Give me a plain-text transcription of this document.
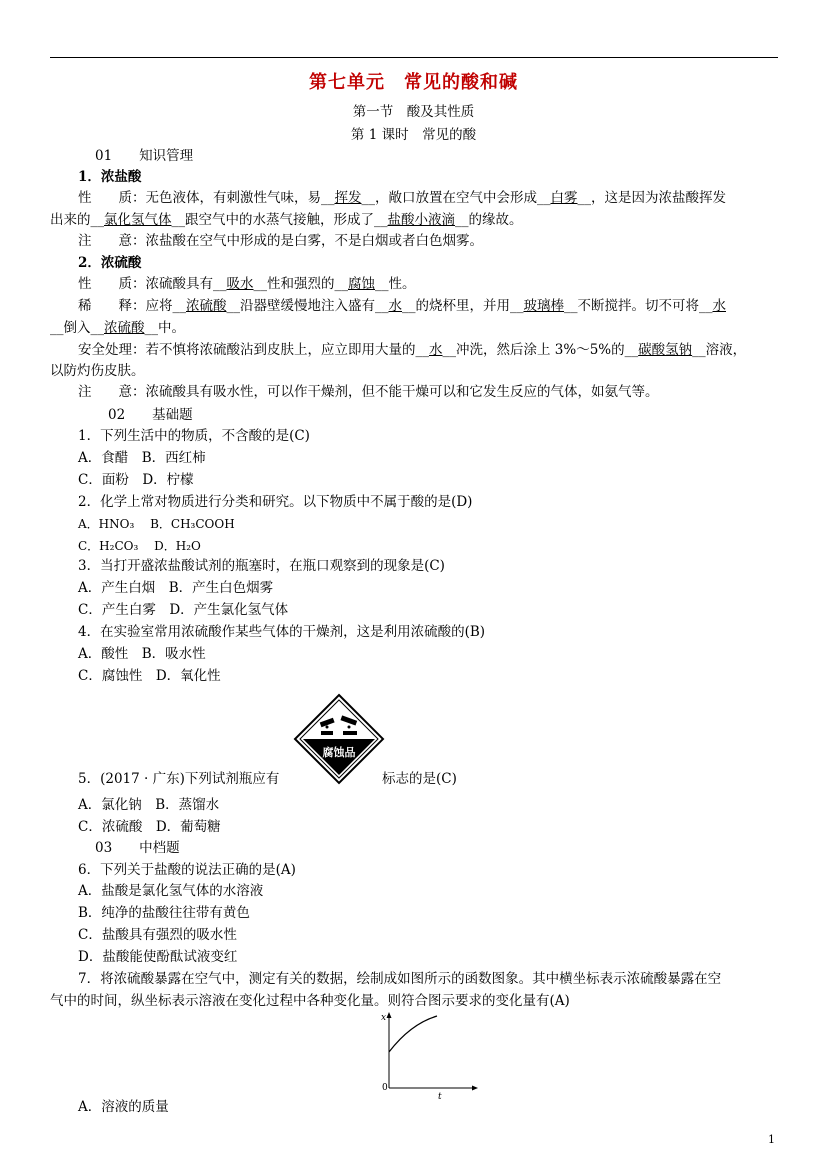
第七单元　常见的酸和碱
第一节　酸及其性质
第 1 课时　常见的酸
01　　知识管理
1．浓盐酸
性　　质：无色液体，有刺激性气味，易__挥发__，敞口放置在空气中会形成__白雾__，这是因为浓盐酸挥发
出来的__氯化氢气体__跟空气中的水蒸气接触，形成了__盐酸小液滴__的缘故。
注　　意：浓盐酸在空气中形成的是白雾，不是白烟或者白色烟雾。
2．浓硫酸
性　　质：浓硫酸具有__吸水__性和强烈的__腐蚀__性。
稀　　释：应将__浓硫酸__沿器壁缓慢地注入盛有__水__的烧杯里，并用__玻璃棒__不断搅拌。切不可将__水
__倒入__浓硫酸__中。
安全处理：若不慎将浓硫酸沾到皮肤上，应立即用大量的__水__冲洗，然后涂上 3%～5%的__碳酸氢钠__溶液，
以防灼伤皮肤。
注　　意：浓硫酸具有吸水性，可以作干燥剂，但不能干燥可以和它发生反应的气体，如氨气等。
02　　基础题
1．下列生活中的物质，不含酸的是(C)
A．食醋　B．西红柿
C．面粉　D．柠檬
2．化学上常对物质进行分类和研究。以下物质中不属于酸的是(D)
A．HNO₃　 B．CH₃COOH
C．H₂CO₃　 D．H₂O
3．当打开盛浓盐酸试剂的瓶塞时，在瓶口观察到的现象是(C)
A．产生白烟　B．产生白色烟雾
C．产生白雾　D．产生氯化氢气体
4．在实验室常用浓硫酸作某些气体的干燥剂，这是利用浓硫酸的(B)
A．酸性　B．吸水性
C．腐蚀性　D．氧化性
腐蚀品
5．(2017 · 广东)下列试剂瓶应有	标志的是(C)
A．氯化钠　B．蒸馏水
C．浓硫酸　D．葡萄糖
03　　中档题
6．下列关于盐酸的说法正确的是(A)
A．盐酸是氯化氢气体的水溶液
B．纯净的盐酸往往带有黄色
C．盐酸具有强烈的吸水性
D．盐酸能使酚酞试液变红
7．将浓硫酸暴露在空气中，测定有关的数据，绘制成如图所示的函数图象。其中横坐标表示浓硫酸暴露在空
气中的时间，纵坐标表示溶液在变化过程中各种变化量。则符合图示要求的变化量有(A)
x
0
t
A．溶液的质量
1
